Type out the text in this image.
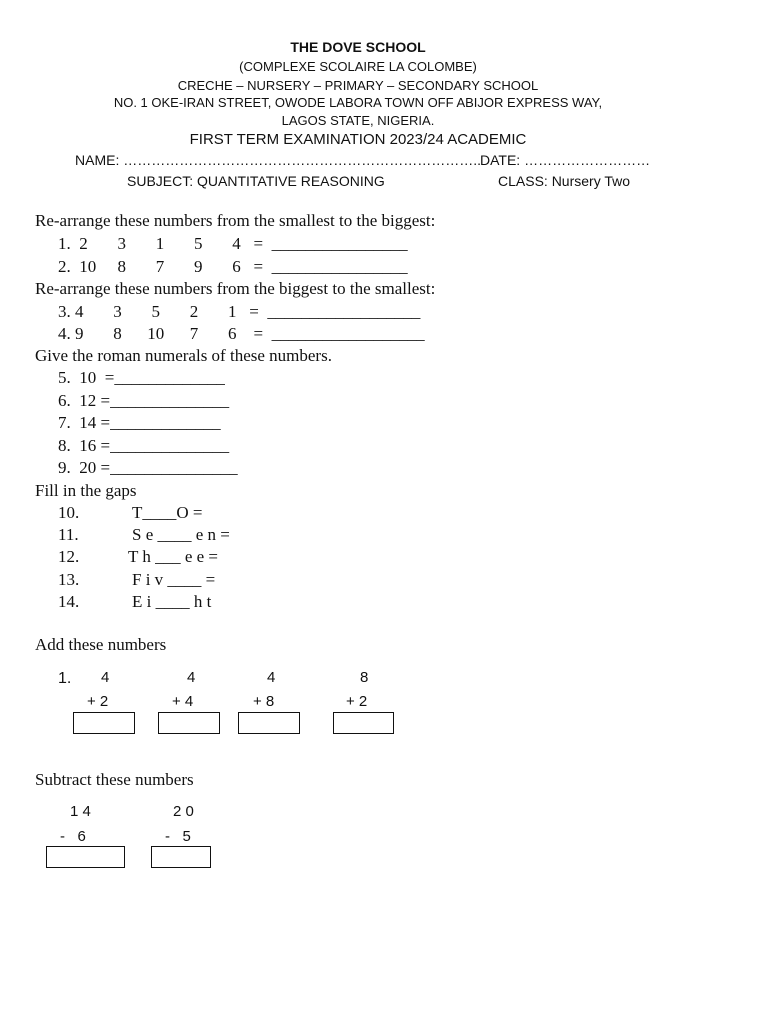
THE DOVE SCHOOL
(COMPLEXE SCOLAIRE LA COLOMBE)
CRECHE – NURSERY – PRIMARY – SECONDARY SCHOOL
NO. 1 OKE-IRAN STREET, OWODE LABORA TOWN OFF ABIJOR EXPRESS WAY,
LAGOS STATE, NIGERIA.
FIRST TERM EXAMINATION 2023/24 ACADEMIC
NAME: …………………………………………………………………..
DATE: ………………………
SUBJECT: QUANTITATIVE REASONING	CLASS: Nursery Two
Re-arrange these numbers from the smallest to the biggest:
1.  2       3       1       5       4   =  ________________
2.  10     8       7       9       6   =  ________________
Re-arrange these numbers from the biggest to the smallest:
3. 4       3       5       2       1   =  __________________
4. 9       8      10      7       6    =  __________________
Give the roman numerals of these numbers.
5.  10  =_____________
6.  12 =______________
7.  14 =_____________
8.  16 =______________
9.  20 =_______________
Fill in the gaps
10.	T____O =
11.	S e ____ e n =
12.	T h ___ e e =
13.	F i v ____ =
14.	E i ____ h t
Add these numbers
1. 4
+ 2
4
+ 4
4
+ 8
8
+ 2
Subtract these numbers
1 4
-   6
2 0
-   5
